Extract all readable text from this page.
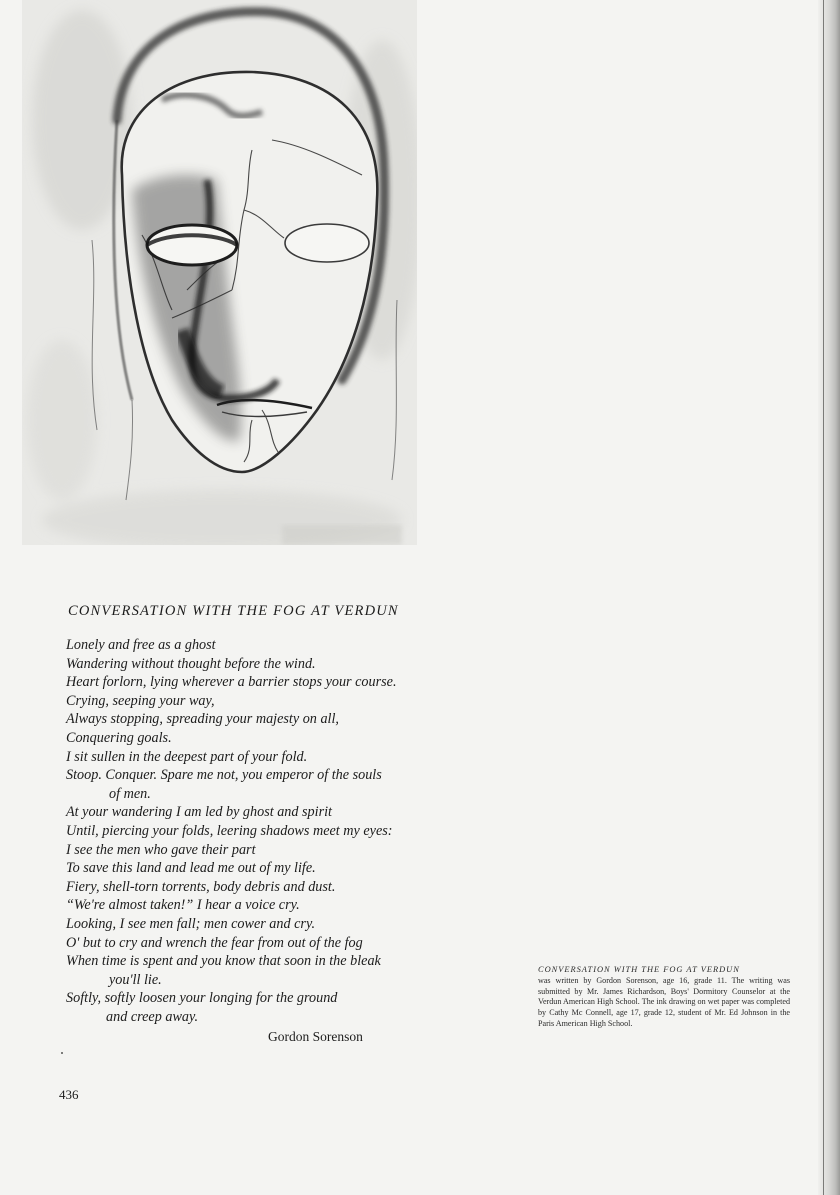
CONVERSATION WITH THE FOG AT VERDUN
Lonely and free as a ghost
Wandering without thought before the wind.
Heart forlorn, lying wherever a barrier stops your course.
Crying, seeping your way,
Always stopping, spreading your majesty on all,
Conquering goals.
I sit sullen in the deepest part of your fold.
Stoop. Conquer. Spare me not, you emperor of the souls
of men.
At your wandering I am led by ghost and spirit
Until, piercing your folds, leering shadows meet my eyes:
I see the men who gave their part
To save this land and lead me out of my life.
Fiery, shell-torn torrents, body debris and dust.
“We're almost taken!” I hear a voice cry.
Looking, I see men fall; men cower and cry.
O' but to cry and wrench the fear from out of the fog
When time is spent and you know that soon in the bleak
you'll lie.
Softly, softly loosen your longing for the ground
and creep away.
Gordon Sorenson
CONVERSATION WITH THE FOG AT VERDUN
was written by Gordon Sorenson, age 16, grade 11. The writing was submitted by Mr. James Richardson, Boys' Dormitory Counselor at the Verdun American High School. The ink drawing on wet paper was completed by Cathy Mc Connell, age 17, grade 12, student of Mr. Ed Johnson in the Paris American High School.
436
